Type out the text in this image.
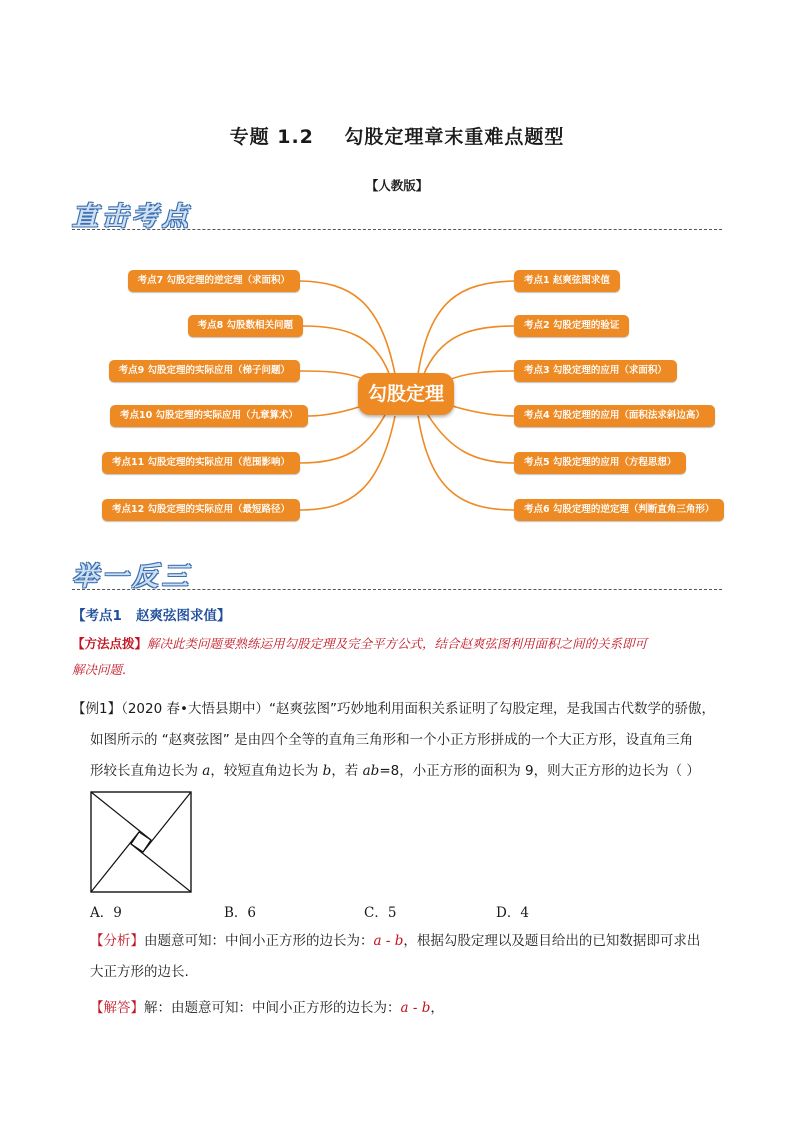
专题 1.2    勾股定理章末重难点题型
【人教版】
直击考点
考点7 勾股定理的逆定理（求面积）
考点8 勾股数相关问题
考点9 勾股定理的实际应用（梯子问题）
考点10 勾股定理的实际应用（九章算术）
考点11 勾股定理的实际应用（范围影响）
考点12 勾股定理的实际应用（最短路径）
勾股定理
考点1 赵爽弦图求值
考点2 勾股定理的验证
考点3 勾股定理的应用（求面积）
考点4 勾股定理的应用（面积法求斜边高）
考点5 勾股定理的应用（方程思想）
考点6 勾股定理的逆定理（判断直角三角形）
举一反三
【考点1   赵爽弦图求值】
【方法点拨】解决此类问题要熟练运用勾股定理及完全平方公式，结合赵爽弦图利用面积之间的关系即可
解决问题.
【例1】（2020 春•大悟县期中）“赵爽弦图”巧妙地利用面积关系证明了勾股定理，是我国古代数学的骄傲，
如图所示的 “赵爽弦图” 是由四个全等的直角三角形和一个小正方形拼成的一个大正方形，设直角三角
形较长直角边长为 a，较短直角边长为 b，若 ab=8，小正方形的面积为 9，则大正方形的边长为（ ）
A．9	B．6	C．5	D．4
【分析】由题意可知：中间小正方形的边长为：a - b，根据勾股定理以及题目给出的已知数据即可求出
大正方形的边长.
【解答】解：由题意可知：中间小正方形的边长为：a - b，
